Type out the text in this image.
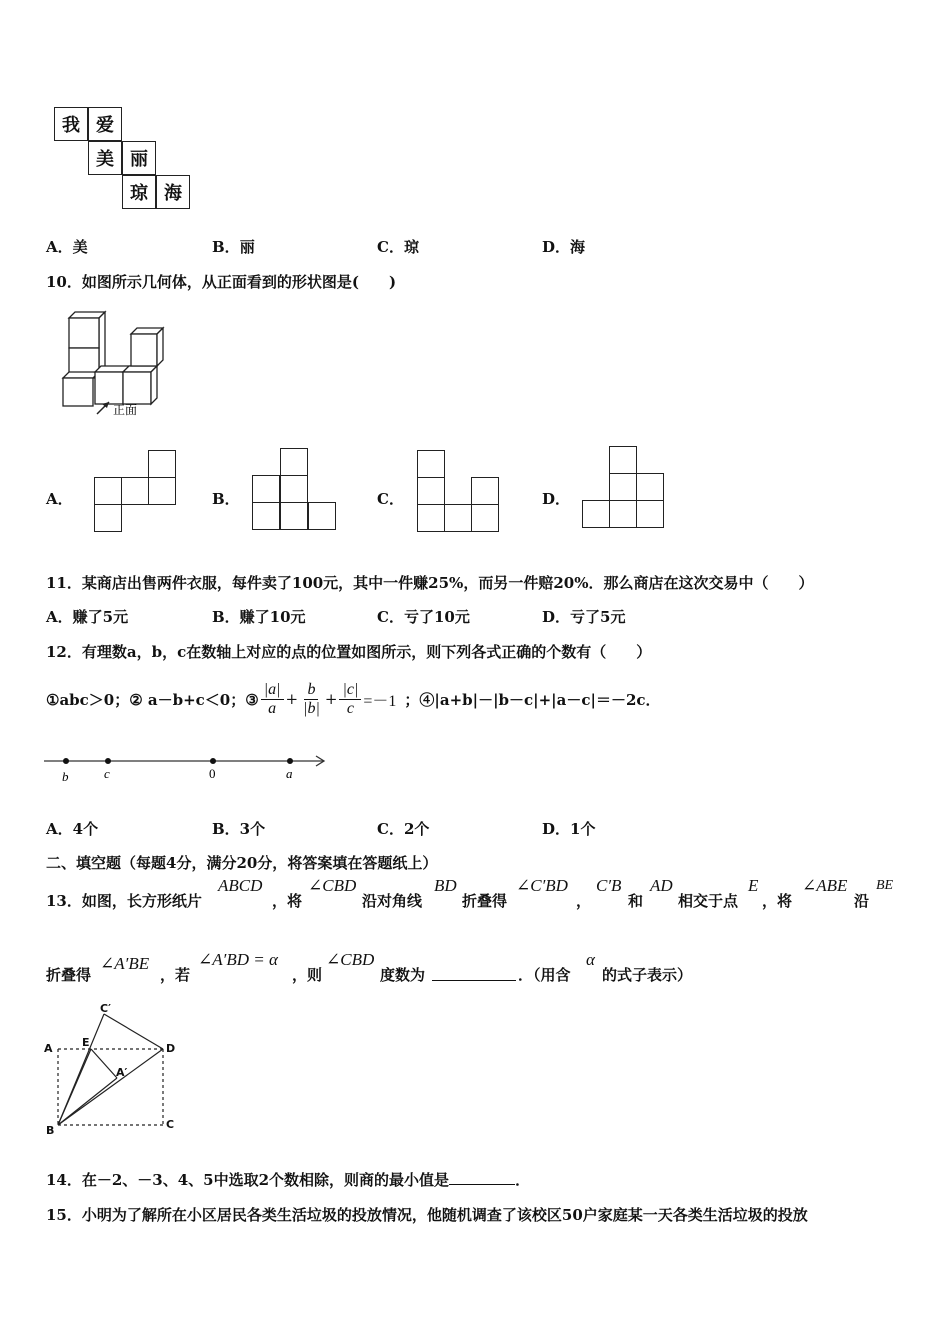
我 爱
美 丽
琼 海
A．美	B．丽	C．琼	D．海
10．如图所示几何体，从正面看到的形状图是(　　)
正面
A．	B．	C．	D．
11．某商店出售两件衣服，每件卖了100元，其中一件赚25%，而另一件赔20%．那么商店在这次交易中（　　）
A．赚了5元	B．赚了10元	C．亏了10元	D．亏了5元
12．有理数a，b，c在数轴上对应的点的位置如图所示，则下列各式正确的个数有（　　）
①abc＞0；② a－b+c＜0；③ $\frac{|a|}{a} + \frac{b}{|b|} + \frac{|c|}{c} =-1$ ；④|a+b|－|b－c|+|a－c|＝－2c．
b	c	0	a
A．4个	B．3个	C．2个	D．1个
二、填空题（每题4分，满分20分，将答案填在答题纸上）
13．如图，长方形纸片
ABCD
，将
∠CBD
沿对角线
BD
折叠得
∠C′BD
，
C′B
和
AD
相交于点
E
，将
∠ABE
沿
BE
折叠得
∠A′BE
，若
∠A′BD = α
，则
∠CBD
度数为	．（用含
α
的式子表示）
C′
A	E	D
A′
B	C
14．在－2、－3、4、5中选取2个数相除，则商的最小值是	．
15．小明为了解所在小区居民各类生活垃圾的投放情况，他随机调查了该校区50户家庭某一天各类生活垃圾的投放
